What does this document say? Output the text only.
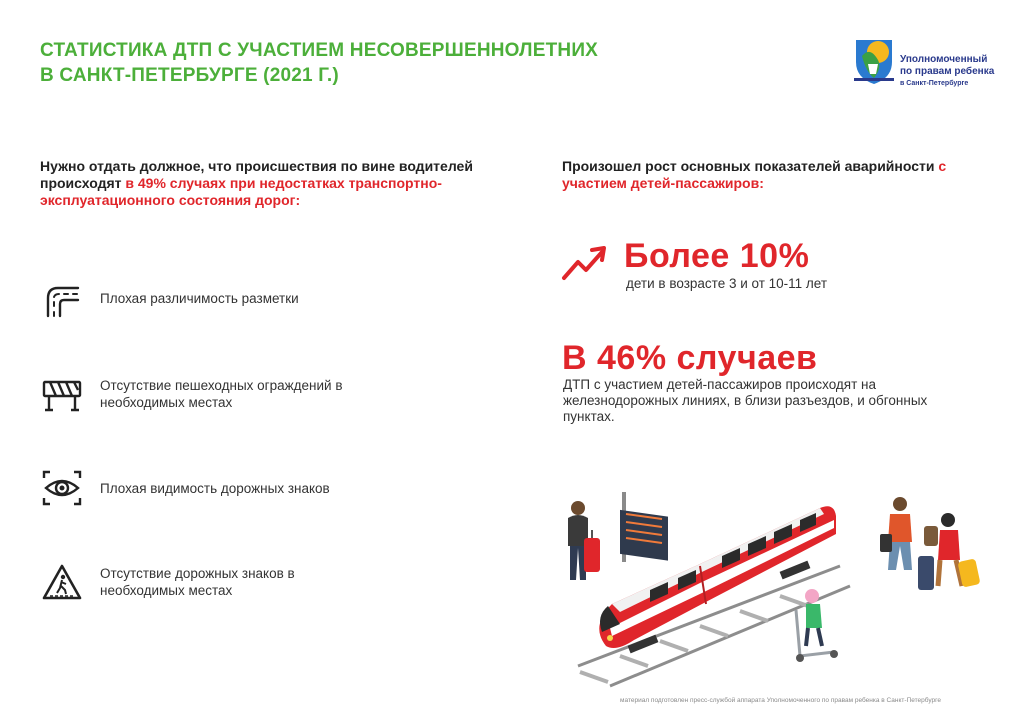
СТАТИСТИКА ДТП С УЧАСТИЕМ НЕСОВЕРШЕННОЛЕТНИХ
В САНКТ-ПЕТЕРБУРГЕ (2021 Г.)
Уполномоченный
по правам ребенка
в Санкт-Петербурге
Нужно отдать должное, что происшествия по вине водителей происходят в 49% случаях при недостатках транспортно-эксплуатационного состояния дорог:
Плохая различимость разметки
Отсутствие пешеходных ограждений в необходимых местах
Плохая видимость дорожных знаков
Отсутствие дорожных знаков в необходимых местах
Произошел рост основных показателей аварийности с участием детей-пассажиров:
Более 10%
дети в возрасте 3 и от 10-11 лет
В 46% случаев
ДТП с участием детей-пассажиров происходят на железнодорожных линиях, в близи разъездов, и обгонных пунктах.
материал подготовлен пресс-службой аппарата Уполномоченного по правам ребенка в Санкт-Петербурге
